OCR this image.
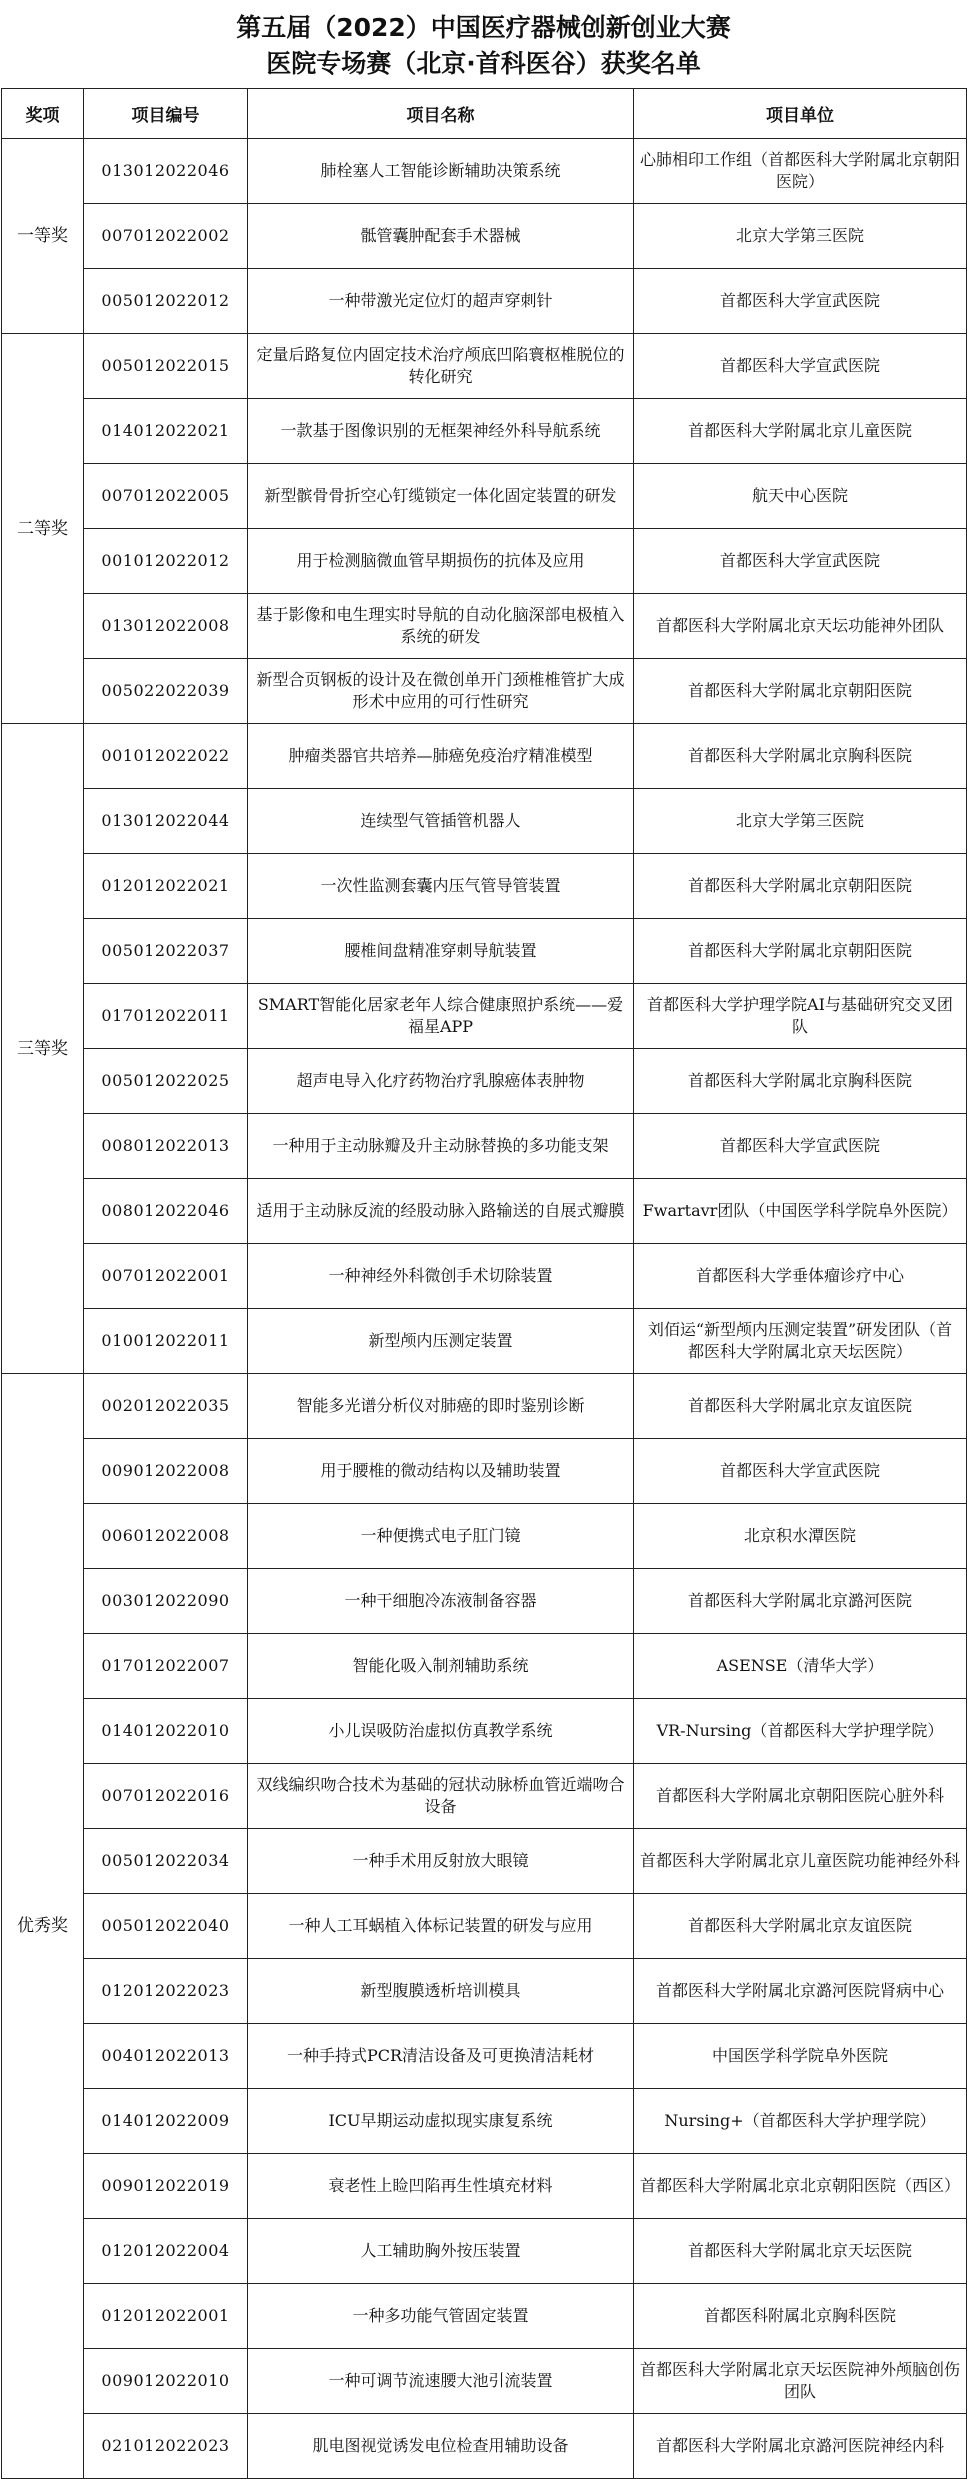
第五届（2022）中国医疗器械创新创业大赛
医院专场赛（北京·首科医谷）获奖名单
奖项	项目编号	项目名称	项目单位
一等奖	013012022046	肺栓塞人工智能诊断辅助决策系统	心肺相印工作组（首都医科大学附属北京朝阳医院）
	007012022002	骶管囊肿配套手术器械	北京大学第三医院
	005012022012	一种带激光定位灯的超声穿刺针	首都医科大学宣武医院
二等奖	005012022015	定量后路复位内固定技术治疗颅底凹陷寰枢椎脱位的转化研究	首都医科大学宣武医院
	014012022021	一款基于图像识别的无框架神经外科导航系统	首都医科大学附属北京儿童医院
	007012022005	新型髌骨骨折空心钉缆锁定一体化固定装置的研发	航天中心医院
	001012022012	用于检测脑微血管早期损伤的抗体及应用	首都医科大学宣武医院
	013012022008	基于影像和电生理实时导航的自动化脑深部电极植入系统的研发	首都医科大学附属北京天坛功能神外团队
	005022022039	新型合页钢板的设计及在微创单开门颈椎椎管扩大成形术中应用的可行性研究	首都医科大学附属北京朝阳医院
三等奖	001012022022	肿瘤类器官共培养—肺癌免疫治疗精准模型	首都医科大学附属北京胸科医院
	013012022044	连续型气管插管机器人	北京大学第三医院
	012012022021	一次性监测套囊内压气管导管装置	首都医科大学附属北京朝阳医院
	005012022037	腰椎间盘精准穿刺导航装置	首都医科大学附属北京朝阳医院
	017012022011	SMART智能化居家老年人综合健康照护系统——爱福星APP	首都医科大学护理学院AI与基础研究交叉团队
	005012022025	超声电导入化疗药物治疗乳腺癌体表肿物	首都医科大学附属北京胸科医院
	008012022013	一种用于主动脉瓣及升主动脉替换的多功能支架	首都医科大学宣武医院
	008012022046	适用于主动脉反流的经股动脉入路输送的自展式瓣膜	Fwartavr团队（中国医学科学院阜外医院）
	007012022001	一种神经外科微创手术切除装置	首都医科大学垂体瘤诊疗中心
	010012022011	新型颅内压测定装置	刘佰运“新型颅内压测定装置”研发团队（首都医科大学附属北京天坛医院）
优秀奖	002012022035	智能多光谱分析仪对肺癌的即时鉴别诊断	首都医科大学附属北京友谊医院
	009012022008	用于腰椎的微动结构以及辅助装置	首都医科大学宣武医院
	006012022008	一种便携式电子肛门镜	北京积水潭医院
	003012022090	一种干细胞冷冻液制备容器	首都医科大学附属北京潞河医院
	017012022007	智能化吸入制剂辅助系统	ASENSE（清华大学）
	014012022010	小儿误吸防治虚拟仿真教学系统	VR-Nursing（首都医科大学护理学院）
	007012022016	双线编织吻合技术为基础的冠状动脉桥血管近端吻合设备	首都医科大学附属北京朝阳医院心脏外科
	005012022034	一种手术用反射放大眼镜	首都医科大学附属北京儿童医院功能神经外科
	005012022040	一种人工耳蜗植入体标记装置的研发与应用	首都医科大学附属北京友谊医院
	012012022023	新型腹膜透析培训模具	首都医科大学附属北京潞河医院肾病中心
	004012022013	一种手持式PCR清洁设备及可更换清洁耗材	中国医学科学院阜外医院
	014012022009	ICU早期运动虚拟现实康复系统	Nursing+（首都医科大学护理学院）
	009012022019	衰老性上睑凹陷再生性填充材料	首都医科大学附属北京北京朝阳医院（西区）
	012012022004	人工辅助胸外按压装置	首都医科大学附属北京天坛医院
	012012022001	一种多功能气管固定装置	首都医科附属北京胸科医院
	009012022010	一种可调节流速腰大池引流装置	首都医科大学附属北京天坛医院神外颅脑创伤团队
	021012022023	肌电图视觉诱发电位检查用辅助设备	首都医科大学附属北京潞河医院神经内科
